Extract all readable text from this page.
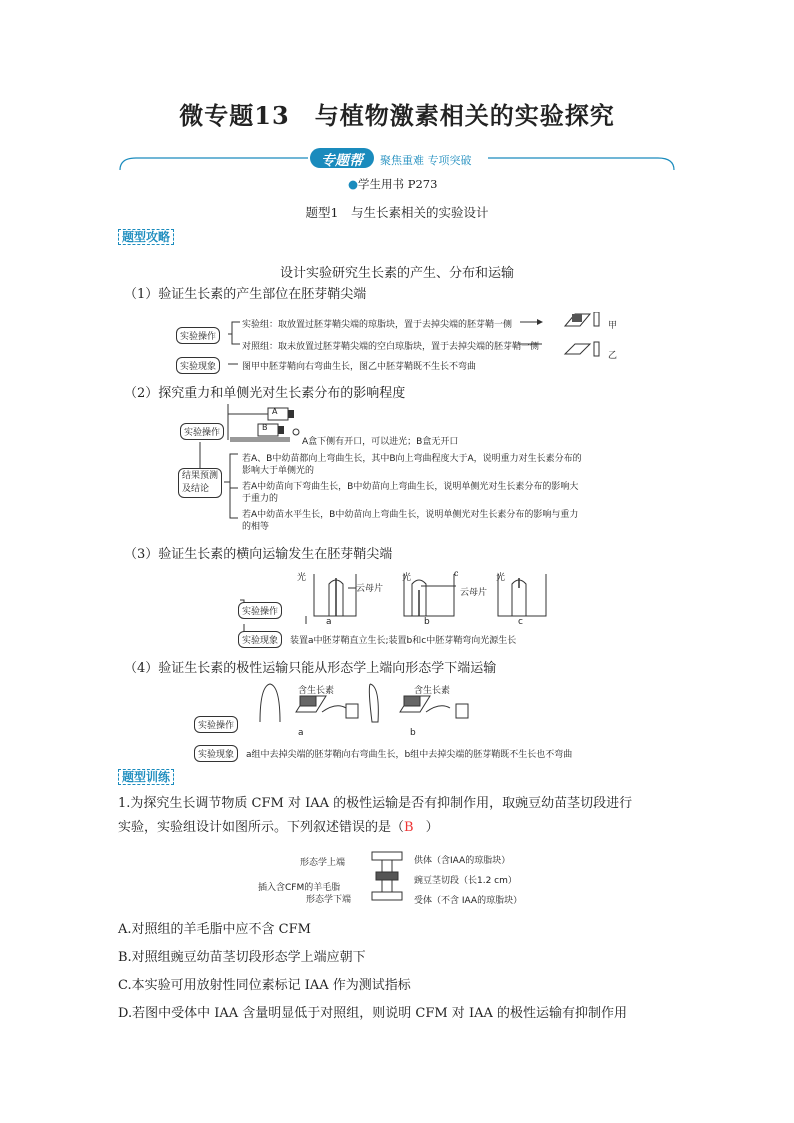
微专题13　与植物激素相关的实验探究
专题帮	聚焦重难 专项突破
●学生用书 P273
题型1　与生长素相关的实验设计
题型攻略
设计实验研究生长素的产生、分布和运输
（1）验证生长素的产生部位在胚芽鞘尖端
实验操作
实验现象
实验组：取放置过胚芽鞘尖端的琼脂块，置于去掉尖端的胚芽鞘一侧
对照组：取未放置过胚芽鞘尖端的空白琼脂块，置于去掉尖端的胚芽鞘一侧
甲
乙
图甲中胚芽鞘向右弯曲生长，图乙中胚芽鞘既不生长不弯曲
（2）探究重力和单侧光对生长素分布的影响程度
A
B
实验操作
A盒下侧有开口，可以进光；B盒无开口
结果预测
及结论
若A、B中幼苗都向上弯曲生长，其中B向上弯曲程度大于A，说明重力对生长素分布的
影响大于单侧光的
若A中幼苗向下弯曲生长，B中幼苗向上弯曲生长，说明单侧光对生长素分布的影响大
于重力的
若A中幼苗水平生长，B中幼苗向上弯曲生长，说明单侧光对生长素分布的影响与重力
的相等
（3）验证生长素的横向运输发生在胚芽鞘尖端
c
光	光	光
云母片	云母片
a	b	c
实验操作
实验现象	装置a中胚芽鞘直立生长;装置b和c中胚芽鞘弯向光源生长
（4）验证生长素的极性运输只能从形态学上端向形态学下端运输
含生长素	含生长素
a	b
实验操作
实验现象	a组中去掉尖端的胚芽鞘向右弯曲生长，b组中去掉尖端的胚芽鞘既不生长也不弯曲
题型训练
1.为探究生长调节物质 CFM 对 IAA 的极性运输是否有抑制作用，取豌豆幼苗茎切段进行
实验，实验组设计如图所示。下列叙述错误的是（B ）
形态学上端
插入含CFM的羊毛脂
形态学下端
供体（含IAA的琼脂块）
豌豆茎切段（长1.2 cm）
受体（不含 IAA的琼脂块）
A.对照组的羊毛脂中应不含 CFM
B.对照组豌豆幼苗茎切段形态学上端应朝下
C.本实验可用放射性同位素标记 IAA 作为测试指标
D.若图中受体中 IAA 含量明显低于对照组，则说明 CFM 对 IAA 的极性运输有抑制作用
